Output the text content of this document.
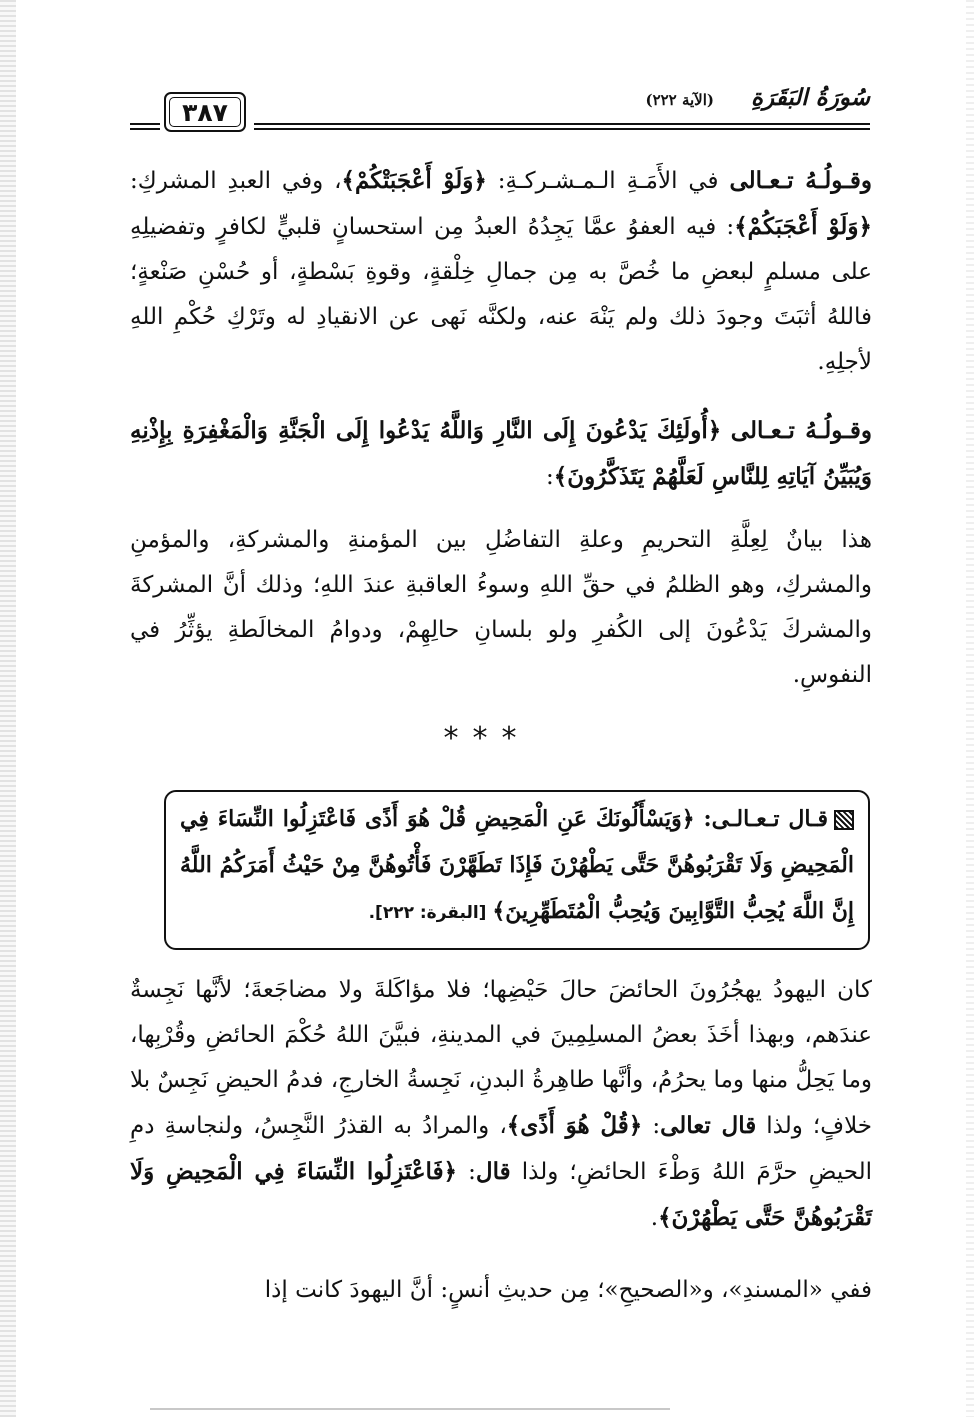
٣٨٧	سُورَةُ البَقَرَةِ
(الآية ٢٢٢)

وقـولُـهُ تـعـالى في الأَمَـةِ الـمـشـركـةِ: ﴿وَلَوْ أَعْجَبَتْكُمْ﴾، وفي العبدِ المشركِ: ﴿وَلَوْ أَعْجَبَكُمْ﴾: فيه العفوُ عمَّا يَجِدُهُ العبدُ مِن استحسانٍ قلبيٍّ لكافرٍ وتفضيلِهِ على مسلمٍ لبعضِ ما خُصَّ به مِن جمالِ خِلْقةٍ، وقوةِ بَسْطةٍ، أو حُسْنِ صَنْعةٍ؛ فاللهُ أثبَتَ وجودَ ذلك ولم يَنْهَ عنه، ولكنَّه نَهى عن الانقيادِ له وتَرْكِ حُكْمِ اللهِ لأجلِهِ.

وقـولُـهُ تـعـالى ﴿أُولَئِكَ يَدْعُونَ إِلَى النَّارِ وَاللَّهُ يَدْعُوا إِلَى الْجَنَّةِ وَالْمَغْفِرَةِ بِإِذْنِهِ وَيُبَيِّنُ آيَاتِهِ لِلنَّاسِ لَعَلَّهُمْ يَتَذَكَّرُونَ﴾:

هذا بيانٌ لِعِلَّةِ التحريمِ وعلةِ التفاضُلِ بين المؤمنةِ والمشركةِ، والمؤمنِ والمشركِ، وهو الظلمُ في حقِّ اللهِ وسوءُ العاقبةِ عندَ اللهِ؛ وذلك أنَّ المشركةَ والمشركَ يَدْعُونَ إلى الكُفرِ ولو بلسانِ حالِهِمْ، ودوامُ المخالَطةِ يؤثِّرُ في النفوسِ.

***

قـال تـعـالـى: ﴿وَيَسْأَلُونَكَ عَنِ الْمَحِيضِ قُلْ هُوَ أَذًى فَاعْتَزِلُوا النِّسَاءَ فِي الْمَحِيضِ وَلَا تَقْرَبُوهُنَّ حَتَّى يَطْهُرْنَ فَإِذَا تَطَهَّرْنَ فَأْتُوهُنَّ مِنْ حَيْثُ أَمَرَكُمُ اللَّهُ إِنَّ اللَّهَ يُحِبُّ التَّوَّابِينَ وَيُحِبُّ الْمُتَطَهِّرِينَ﴾ [البقرة: ٢٢٢].

كان اليهودُ يهجُرُونَ الحائضَ حالَ حَيْضِها؛ فلا مؤاكَلةَ ولا مضاجَعةَ؛ لأنَّها نَجِسةٌ عندَهم، وبهذا أخَذَ بعضُ المسلِمِينَ في المدينةِ، فبيَّنَ اللهُ حُكْمَ الحائضِ وقُرْبِها، وما يَحِلُّ منها وما يحرُمُ، وأنَّها طاهِرةُ البدنِ، نَجِسةُ الخارجِ، فدمُ الحيضِ نَجِسٌ بلا خلافٍ؛ ولذا قال تعالى: ﴿قُلْ هُوَ أَذًى﴾، والمرادُ به القذرُ النَّجِسُ، ولنجاسةِ دمِ الحيضِ حرَّمَ اللهُ وَطْءَ الحائضِ؛ ولذا قال: ﴿فَاعْتَزِلُوا النِّسَاءَ فِي الْمَحِيضِ وَلَا تَقْرَبُوهُنَّ حَتَّى يَطْهُرْنَ﴾.

ففي «المسندِ»، و«الصحيحِ»؛ مِن حديثِ أنسٍ: أنَّ اليهودَ كانت إذا
